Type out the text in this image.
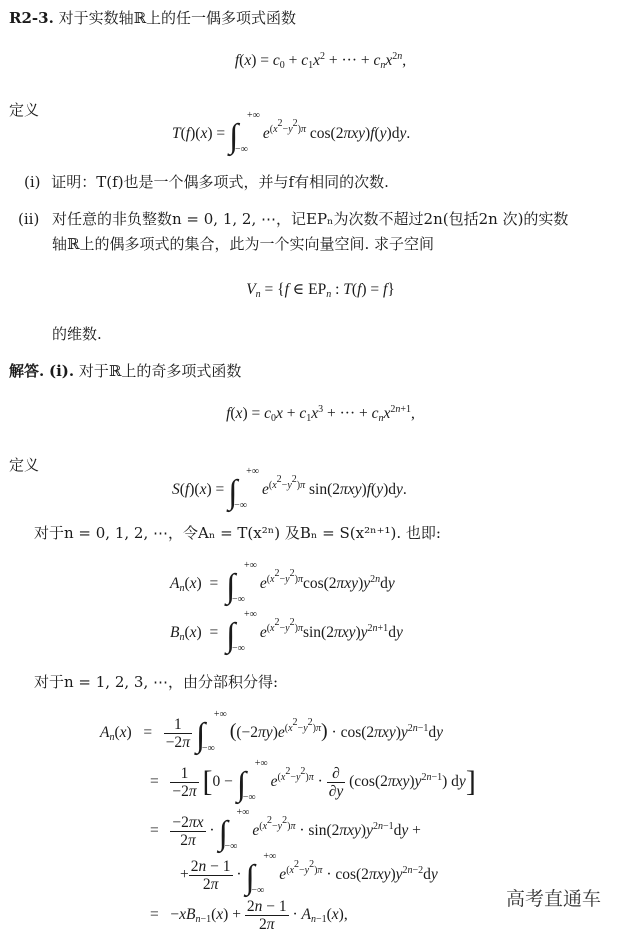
R2-3. 对于实数轴ℝ上的任一偶多项式函数
$f(x) = c_0 + c_1x^2$ + ··· + $c_nx^{2n}$,
定义
T(f)(x) = ∫
+∞
−∞
$e^{(x^2-y^2)\pi}$ cos(2πxy)f(y)dy.
(i) 证明：T(f)也是一个偶多项式，并与f有相同的次数.
(ii) 对任意的非负整数n = 0, 1, 2, ⋯，记EPₙ为次数不超过2n(包括2n 次)的实数
轴ℝ上的偶多项式的集合，此为一个实向量空间. 求子空间
$V_n = \{f$ ∈ $EP_n$ : T(f) = f}
的维数.
解答. (i). 对于ℝ上的奇多项式函数
$f(x) = c_0x + c_1x^3$ + ··· + $c_nx^{2n+1}$,
定义
S(f)(x) = ∫
+∞
−∞
$e^{(x^2-y^2)\pi}$ sin(2πxy)f(y)dy.
对于n = 0, 1, 2, ⋯，令Aₙ = T(x²ⁿ) 及Bₙ = S(x²ⁿ⁺¹). 也即:
$A_n(x)$  =  ∫
+∞
−∞
$e^{(x^2-y^2)\pi}\cos(2\pi xy)y^{2n}dy$
$B_n(x)$  =  ∫
+∞
−∞
$e^{(x^2-y^2)\pi}\sin(2\pi xy)y^{2n+1}dy$
对于n = 1, 2, 3, ⋯，由分部积分得:
$A_n(x) = \frac{1}{-2\pi}$ ∫
+∞
−∞
$((-2\pi y)e^{(x^2-y^2)\pi}) \cdot \cos(2\pi xy)y^{2n-1}dy$
= $\frac{1}{-2\pi} [0$ − ∫
+∞
−∞
$e^{(x^2-y^2)\pi} \cdot \frac{\partial}{\partial y} (\cos(2\pi xy)y^{2n-1})$ dy]
= $\frac{-2\pi x}{2\pi}$ · ∫
+∞
−∞
$e^{(x^2-y^2)\pi} \cdot \sin(2\pi xy)y^{2n-1}dy$ +
+ $\frac{2n - 1}{2\pi}$ · ∫
+∞
−∞
$e^{(x^2-y^2)\pi} \cdot \cos(2\pi xy)y^{2n-2}dy$
=   $-xB_{n-1}(x) + \frac{2n - 1}{2\pi} \cdot A_{n-1}(x)$,
高考直通车
